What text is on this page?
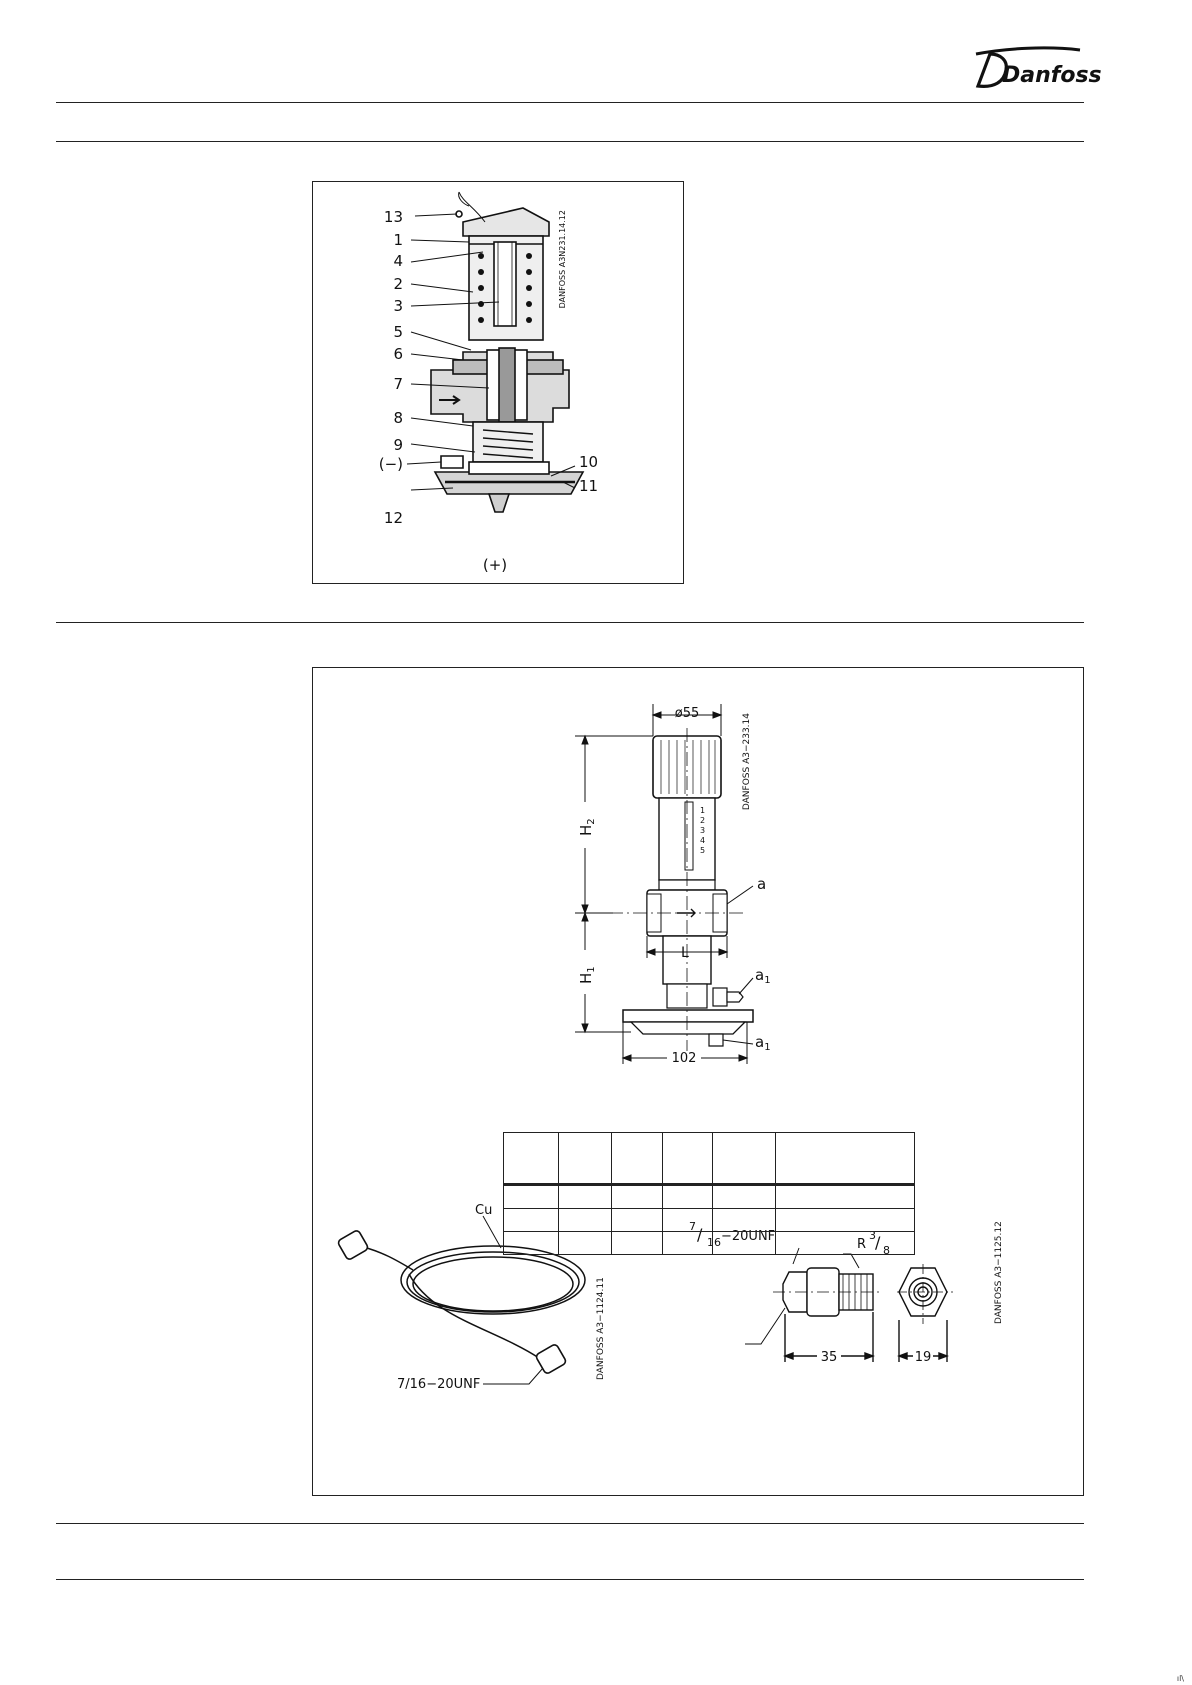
Danfoss
DANFOSS A3N231.14.12
13
1
4
2
3
5
6
7
8
9
(−)
12
10
11
(+)
DANFOSS A3−233.14
ø55
1
2
3
4
5
$H_2$
$H_1$
L
102
a
$a_1$
$a_1$
Cu
7/16−20UNF
DANFOSS A3−1124.11	35
7 / 16 −20UNF
R 3 / 8
19
DANFOSS A3−1125.12

ıl\
